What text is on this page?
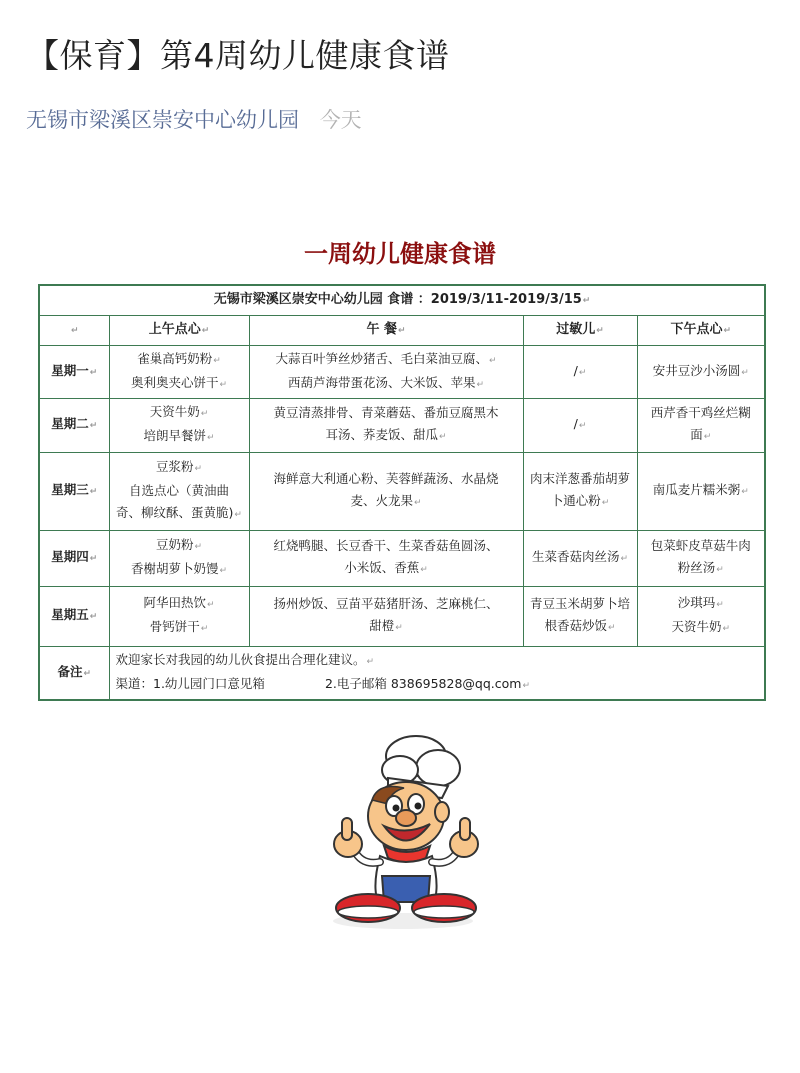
【保育】第4周幼儿健康食谱
无锡市梁溪区崇安中心幼儿园 今天
一周幼儿健康食谱
无锡市梁溪区崇安中心幼儿园 食谱 ：2019/3/11-2019/3/15↵				
↵	上午点心↵	午 餐↵	过敏儿↵	下午点心↵
星期一↵	雀巢高钙奶粉↵
奥利奥夹心饼干↵	大蒜百叶笋丝炒猪舌、毛白菜油豆腐、↵
西葫芦海带蛋花汤、大米饭、苹果↵	/↵	安井豆沙小汤圆↵
星期二↵	天资牛奶↵
培朗早餐饼↵	黄豆清蒸排骨、青菜蘑菇、番茄豆腐黑木
耳汤、荞麦饭、甜瓜↵	/↵	西芹香干鸡丝烂糊
面↵
星期三↵	豆浆粉↵
自选点心（黄油曲
奇、柳纹酥、蛋黄脆)↵	海鲜意大利通心粉、芙蓉鲜蔬汤、水晶烧
麦、火龙果↵	肉末洋葱番茄胡萝卜通心粉↵	南瓜麦片糯米粥↵
星期四↵	豆奶粉↵
香榭胡萝卜奶馒↵	红烧鸭腿、长豆香干、生菜香菇鱼圆汤、
小米饭、香蕉↵	生菜香菇肉丝汤↵	包菜虾皮草菇牛肉
粉丝汤↵
星期五↵	阿华田热饮↵
骨钙饼干↵	扬州炒饭、豆苗平菇猪肝汤、芝麻桃仁、
甜橙↵	青豆玉米胡萝卜培根香菇炒饭↵	沙琪玛↵
天资牛奶↵
备注↵	欢迎家长对我园的幼儿伙食提出合理化建议。↵
渠道：1.幼儿园门口意见箱 2.电子邮箱 838695828@qq.com↵			
